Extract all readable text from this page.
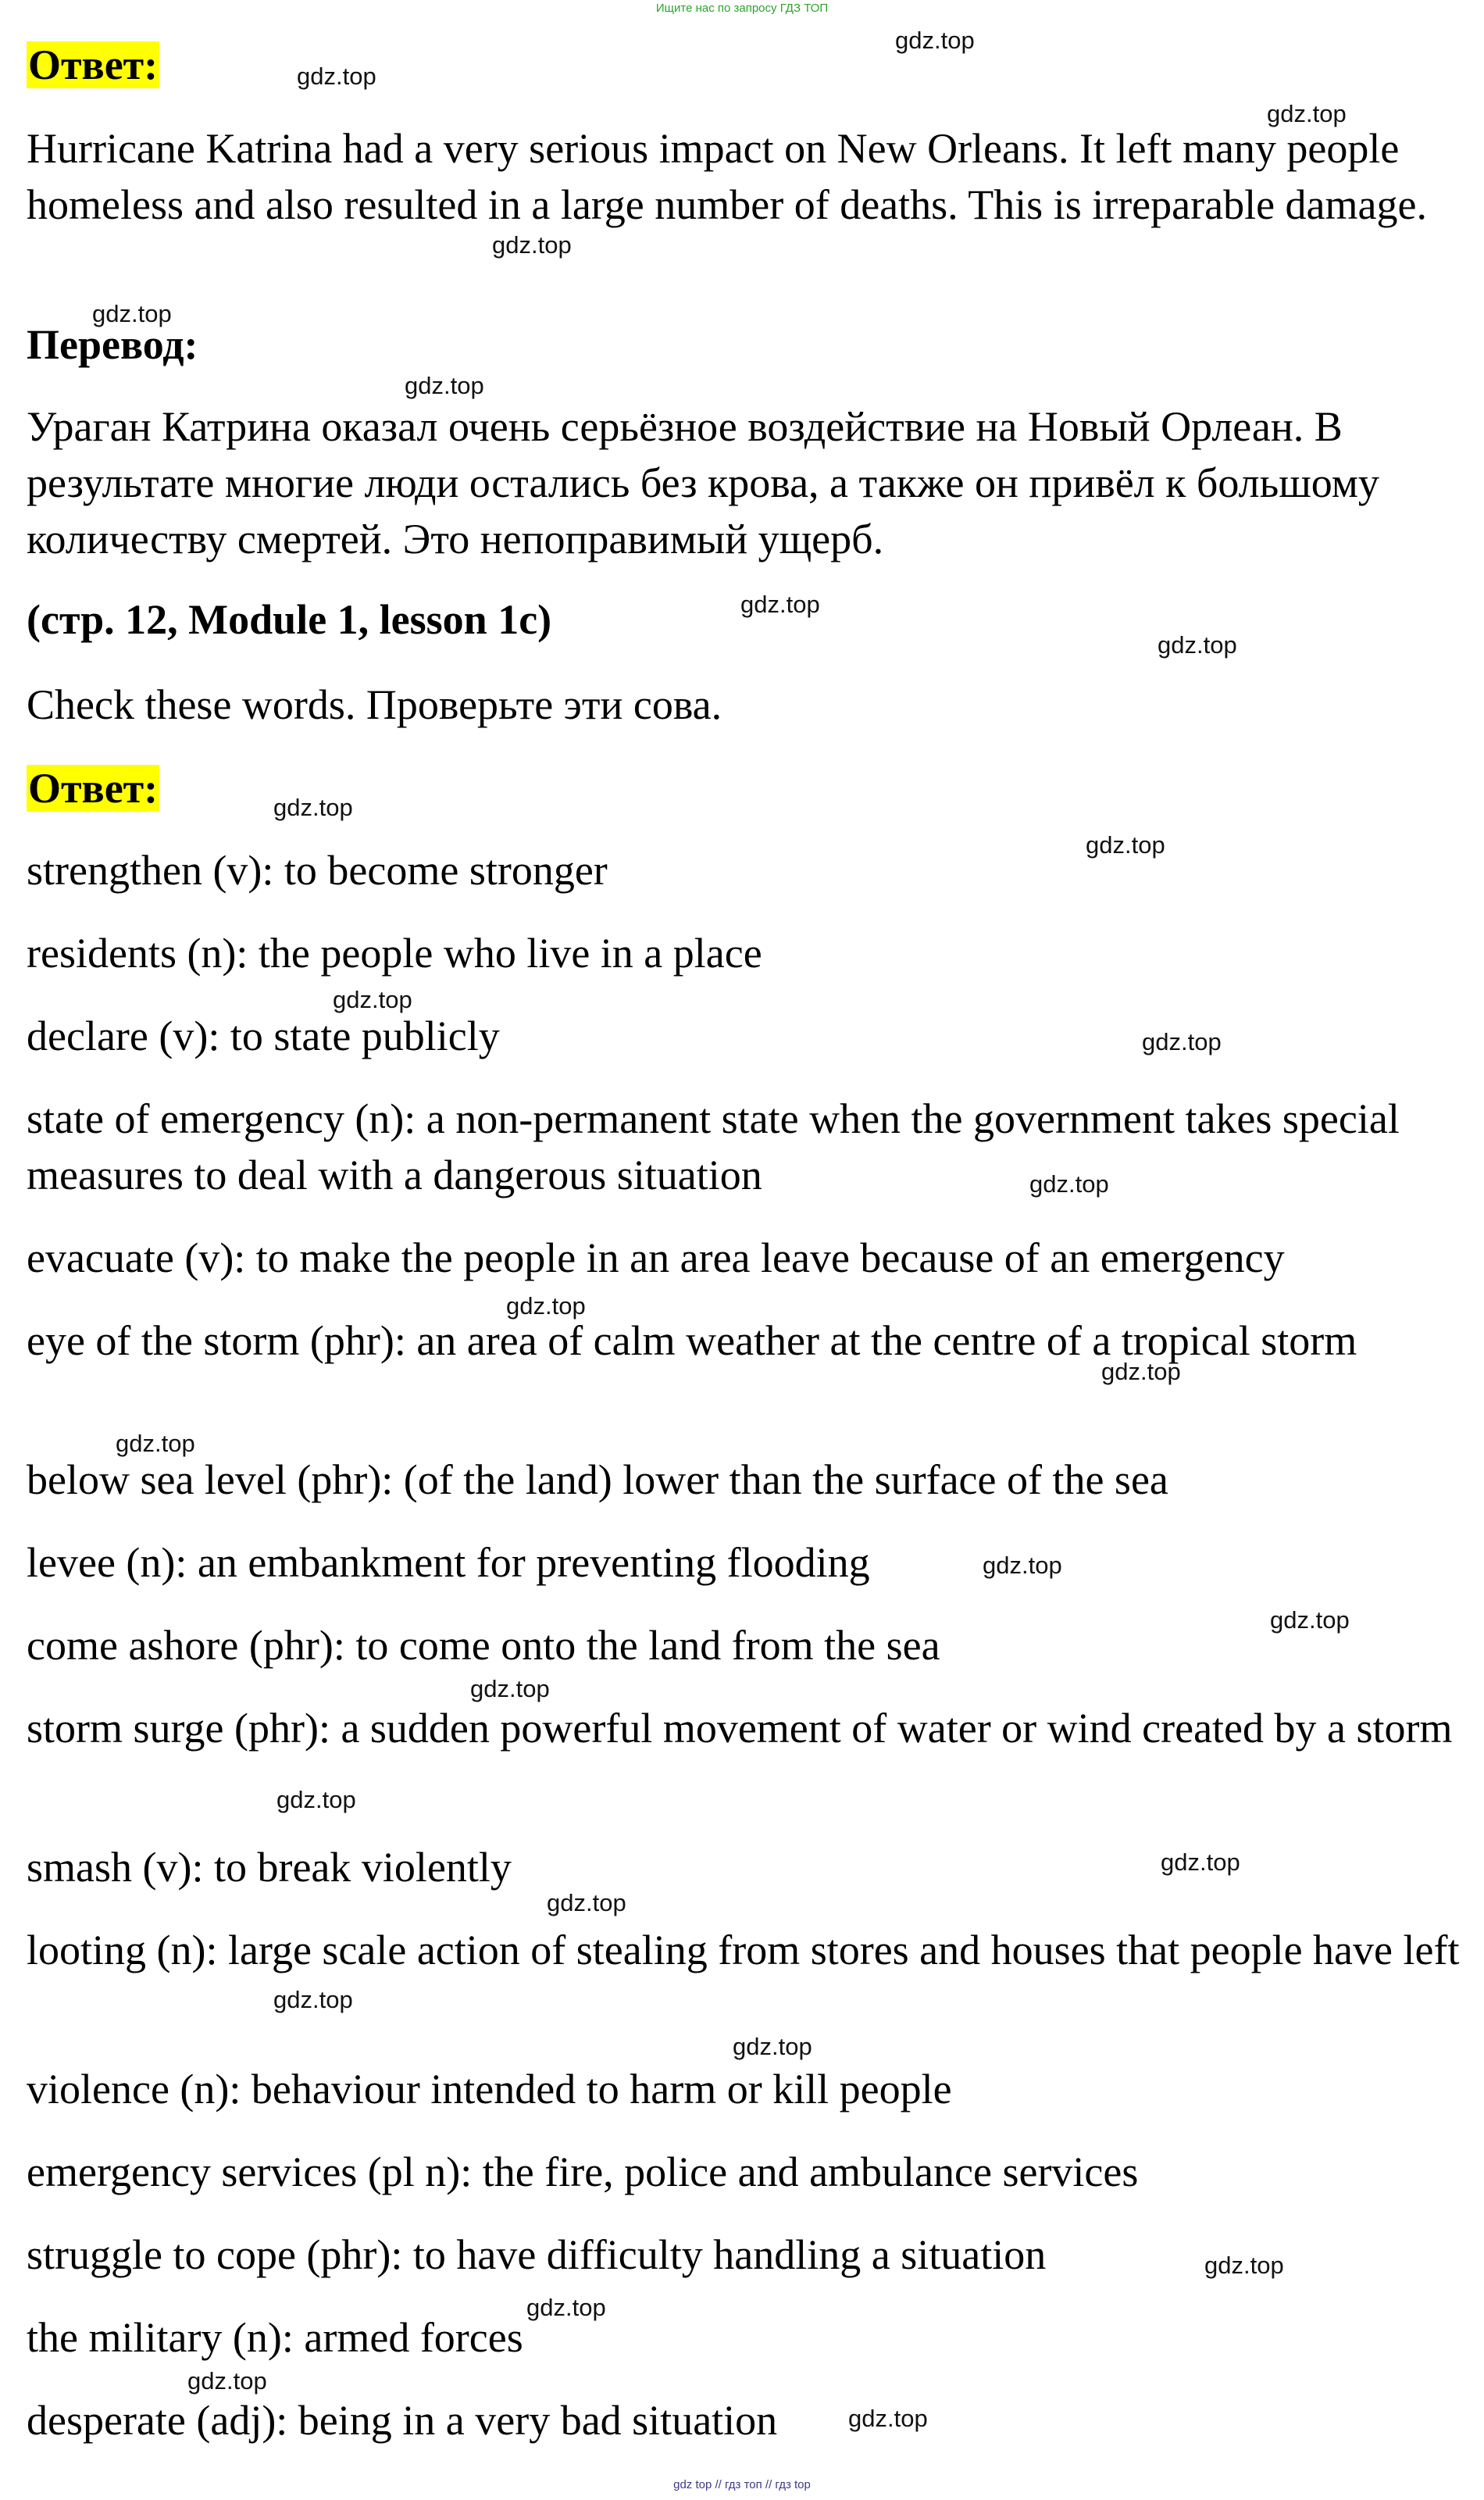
Ищите нас по запросу ГДЗ ТОП
Ответ:
Hurricane Katrina had a very serious impact on New Orleans. It left many people homeless and also resulted in a large number of deaths. This is irreparable damage.
Перевод:
Ураган Катрина оказал очень серьёзное воздействие на Новый Орлеан. В результате многие люди остались без крова, а также он привёл к большому количеству смертей. Это непоправимый ущерб.
(стр. 12, Module 1, lesson 1c)
Check these words. Проверьте эти сова.
Ответ:
strengthen (v): to become stronger
residents (n): the people who live in a place
declare (v): to state publicly
state of emergency (n): a non-permanent state when the government takes special measures to deal with a dangerous situation
evacuate (v): to make the people in an area leave because of an emergency
eye of the storm (phr): an area of calm weather at the centre of a tropical storm
below sea level (phr): (of the land) lower than the surface of the sea
levee (n): an embankment for preventing flooding
come ashore (phr): to come onto the land from the sea
storm surge (phr): a sudden powerful movement of water or wind created by a storm
smash (v): to break violently
looting (n): large scale action of stealing from stores and houses that people have left
violence (n): behaviour intended to harm or kill people
emergency services (pl n): the fire, police and ambulance services
struggle to cope (phr): to have difficulty handling a situation
the military (n): armed forces
desperate (adj): being in a very bad situation
gdz.top
gdz.top
gdz.top
gdz.top
gdz.top
gdz.top
gdz.top
gdz.top
gdz.top
gdz.top
gdz.top
gdz.top
gdz.top
gdz.top
gdz.top
gdz.top
gdz.top
gdz.top
gdz.top
gdz.top
gdz.top
gdz.top
gdz.top
gdz.top
gdz.top
gdz.top
gdz.top
gdz.top
gdz top // гдз топ // гдз top
